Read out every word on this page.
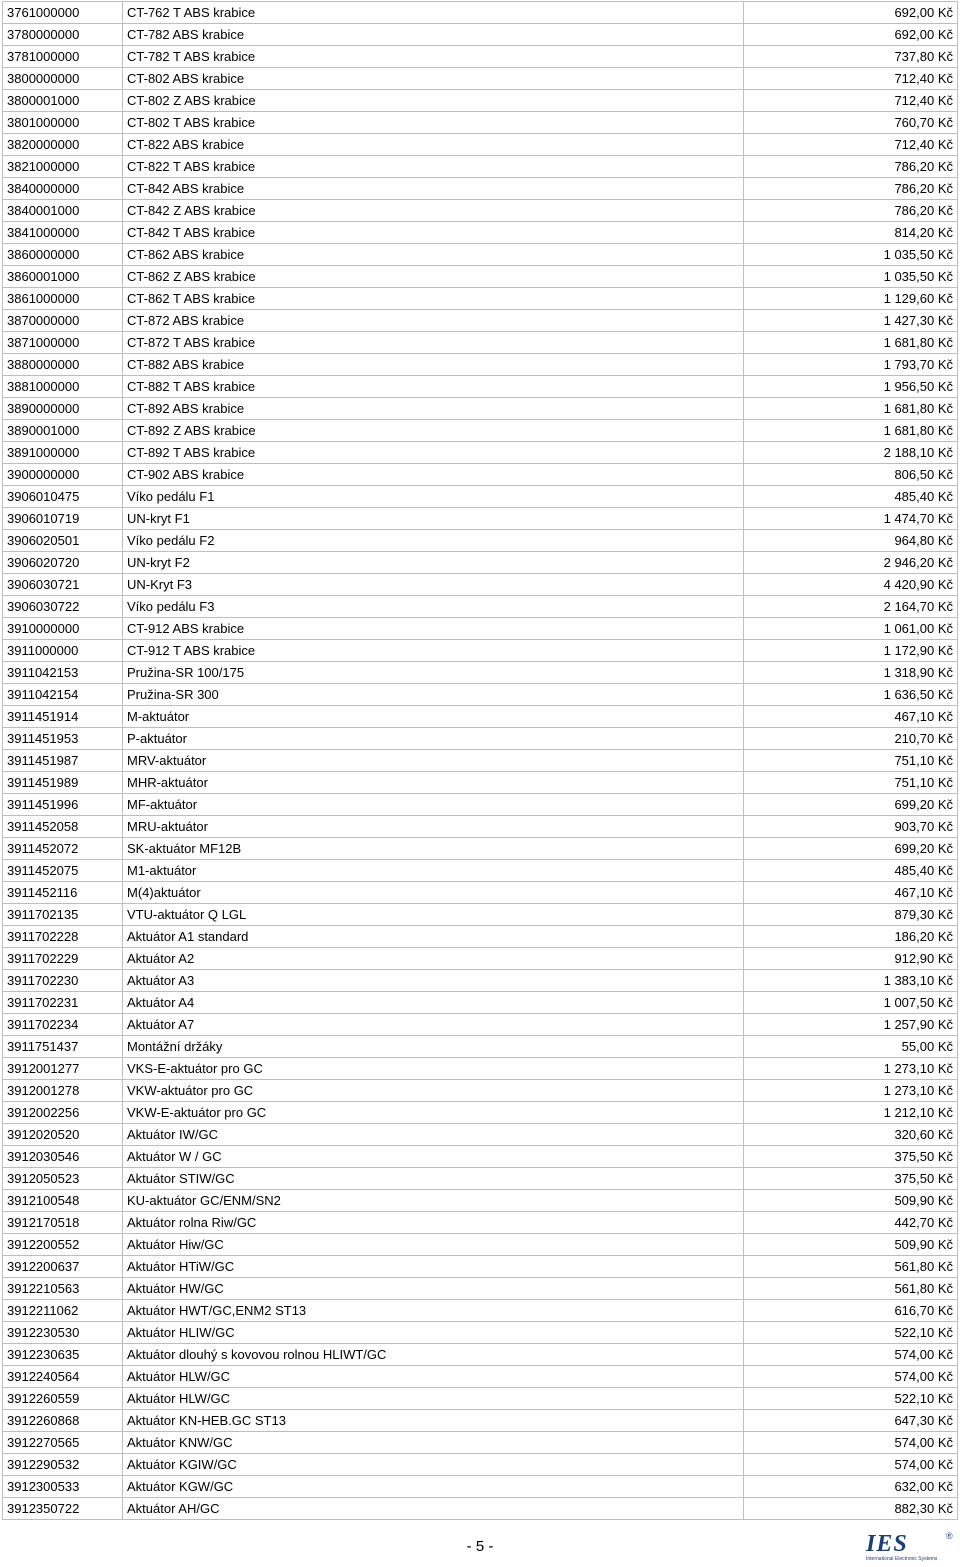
3761000000	CT-762 T ABS krabice	692,00 Kč
3780000000	CT-782 ABS krabice	692,00 Kč
3781000000	CT-782 T ABS krabice	737,80 Kč
3800000000	CT-802 ABS krabice	712,40 Kč
3800001000	CT-802 Z ABS krabice	712,40 Kč
3801000000	CT-802 T ABS krabice	760,70 Kč
3820000000	CT-822 ABS krabice	712,40 Kč
3821000000	CT-822 T ABS krabice	786,20 Kč
3840000000	CT-842 ABS krabice	786,20 Kč
3840001000	CT-842 Z ABS krabice	786,20 Kč
3841000000	CT-842 T ABS krabice	814,20 Kč
3860000000	CT-862 ABS krabice	1 035,50 Kč
3860001000	CT-862 Z ABS krabice	1 035,50 Kč
3861000000	CT-862 T ABS krabice	1 129,60 Kč
3870000000	CT-872 ABS krabice	1 427,30 Kč
3871000000	CT-872 T ABS krabice	1 681,80 Kč
3880000000	CT-882 ABS krabice	1 793,70 Kč
3881000000	CT-882 T ABS krabice	1 956,50 Kč
3890000000	CT-892 ABS krabice	1 681,80 Kč
3890001000	CT-892 Z ABS krabice	1 681,80 Kč
3891000000	CT-892 T ABS krabice	2 188,10 Kč
3900000000	CT-902 ABS krabice	806,50 Kč
3906010475	Víko pedálu F1	485,40 Kč
3906010719	UN-kryt F1	1 474,70 Kč
3906020501	Víko pedálu F2	964,80 Kč
3906020720	UN-kryt F2	2 946,20 Kč
3906030721	UN-Kryt F3	4 420,90 Kč
3906030722	Víko pedálu F3	2 164,70 Kč
3910000000	CT-912 ABS krabice	1 061,00 Kč
3911000000	CT-912 T ABS krabice	1 172,90 Kč
3911042153	Pružina-SR 100/175	1 318,90 Kč
3911042154	Pružina-SR 300	1 636,50 Kč
3911451914	M-aktuátor	467,10 Kč
3911451953	P-aktuátor	210,70 Kč
3911451987	MRV-aktuátor	751,10 Kč
3911451989	MHR-aktuátor	751,10 Kč
3911451996	MF-aktuátor	699,20 Kč
3911452058	MRU-aktuátor	903,70 Kč
3911452072	SK-aktuátor MF12B	699,20 Kč
3911452075	M1-aktuátor	485,40 Kč
3911452116	M(4)aktuátor	467,10 Kč
3911702135	VTU-aktuátor Q LGL	879,30 Kč
3911702228	Aktuátor A1 standard	186,20 Kč
3911702229	Aktuátor A2	912,90 Kč
3911702230	Aktuátor A3	1 383,10 Kč
3911702231	Aktuátor A4	1 007,50 Kč
3911702234	Aktuátor A7	1 257,90 Kč
3911751437	Montážní držáky	55,00 Kč
3912001277	VKS-E-aktuátor pro GC	1 273,10 Kč
3912001278	VKW-aktuátor pro GC	1 273,10 Kč
3912002256	VKW-E-aktuátor pro GC	1 212,10 Kč
3912020520	Aktuátor IW/GC	320,60 Kč
3912030546	Aktuátor W / GC	375,50 Kč
3912050523	Aktuátor STIW/GC	375,50 Kč
3912100548	KU-aktuátor GC/ENM/SN2	509,90 Kč
3912170518	Aktuátor rolna Riw/GC	442,70 Kč
3912200552	Aktuátor Hiw/GC	509,90 Kč
3912200637	Aktuátor HTiW/GC	561,80 Kč
3912210563	Aktuátor HW/GC	561,80 Kč
3912211062	Aktuátor HWT/GC,ENM2 ST13	616,70 Kč
3912230530	Aktuátor HLIW/GC	522,10 Kč
3912230635	Aktuátor dlouhý s kovovou rolnou HLIWT/GC	574,00 Kč
3912240564	Aktuátor HLW/GC	574,00 Kč
3912260559	Aktuátor HLW/GC	522,10 Kč
3912260868	Aktuátor KN-HEB.GC ST13	647,30 Kč
3912270565	Aktuátor KNW/GC	574,00 Kč
3912290532	Aktuátor KGIW/GC	574,00 Kč
3912300533	Aktuátor KGW/GC	632,00 Kč
3912350722	Aktuátor AH/GC	882,30 Kč
- 5 -	IES	®
International Electronic Systems
